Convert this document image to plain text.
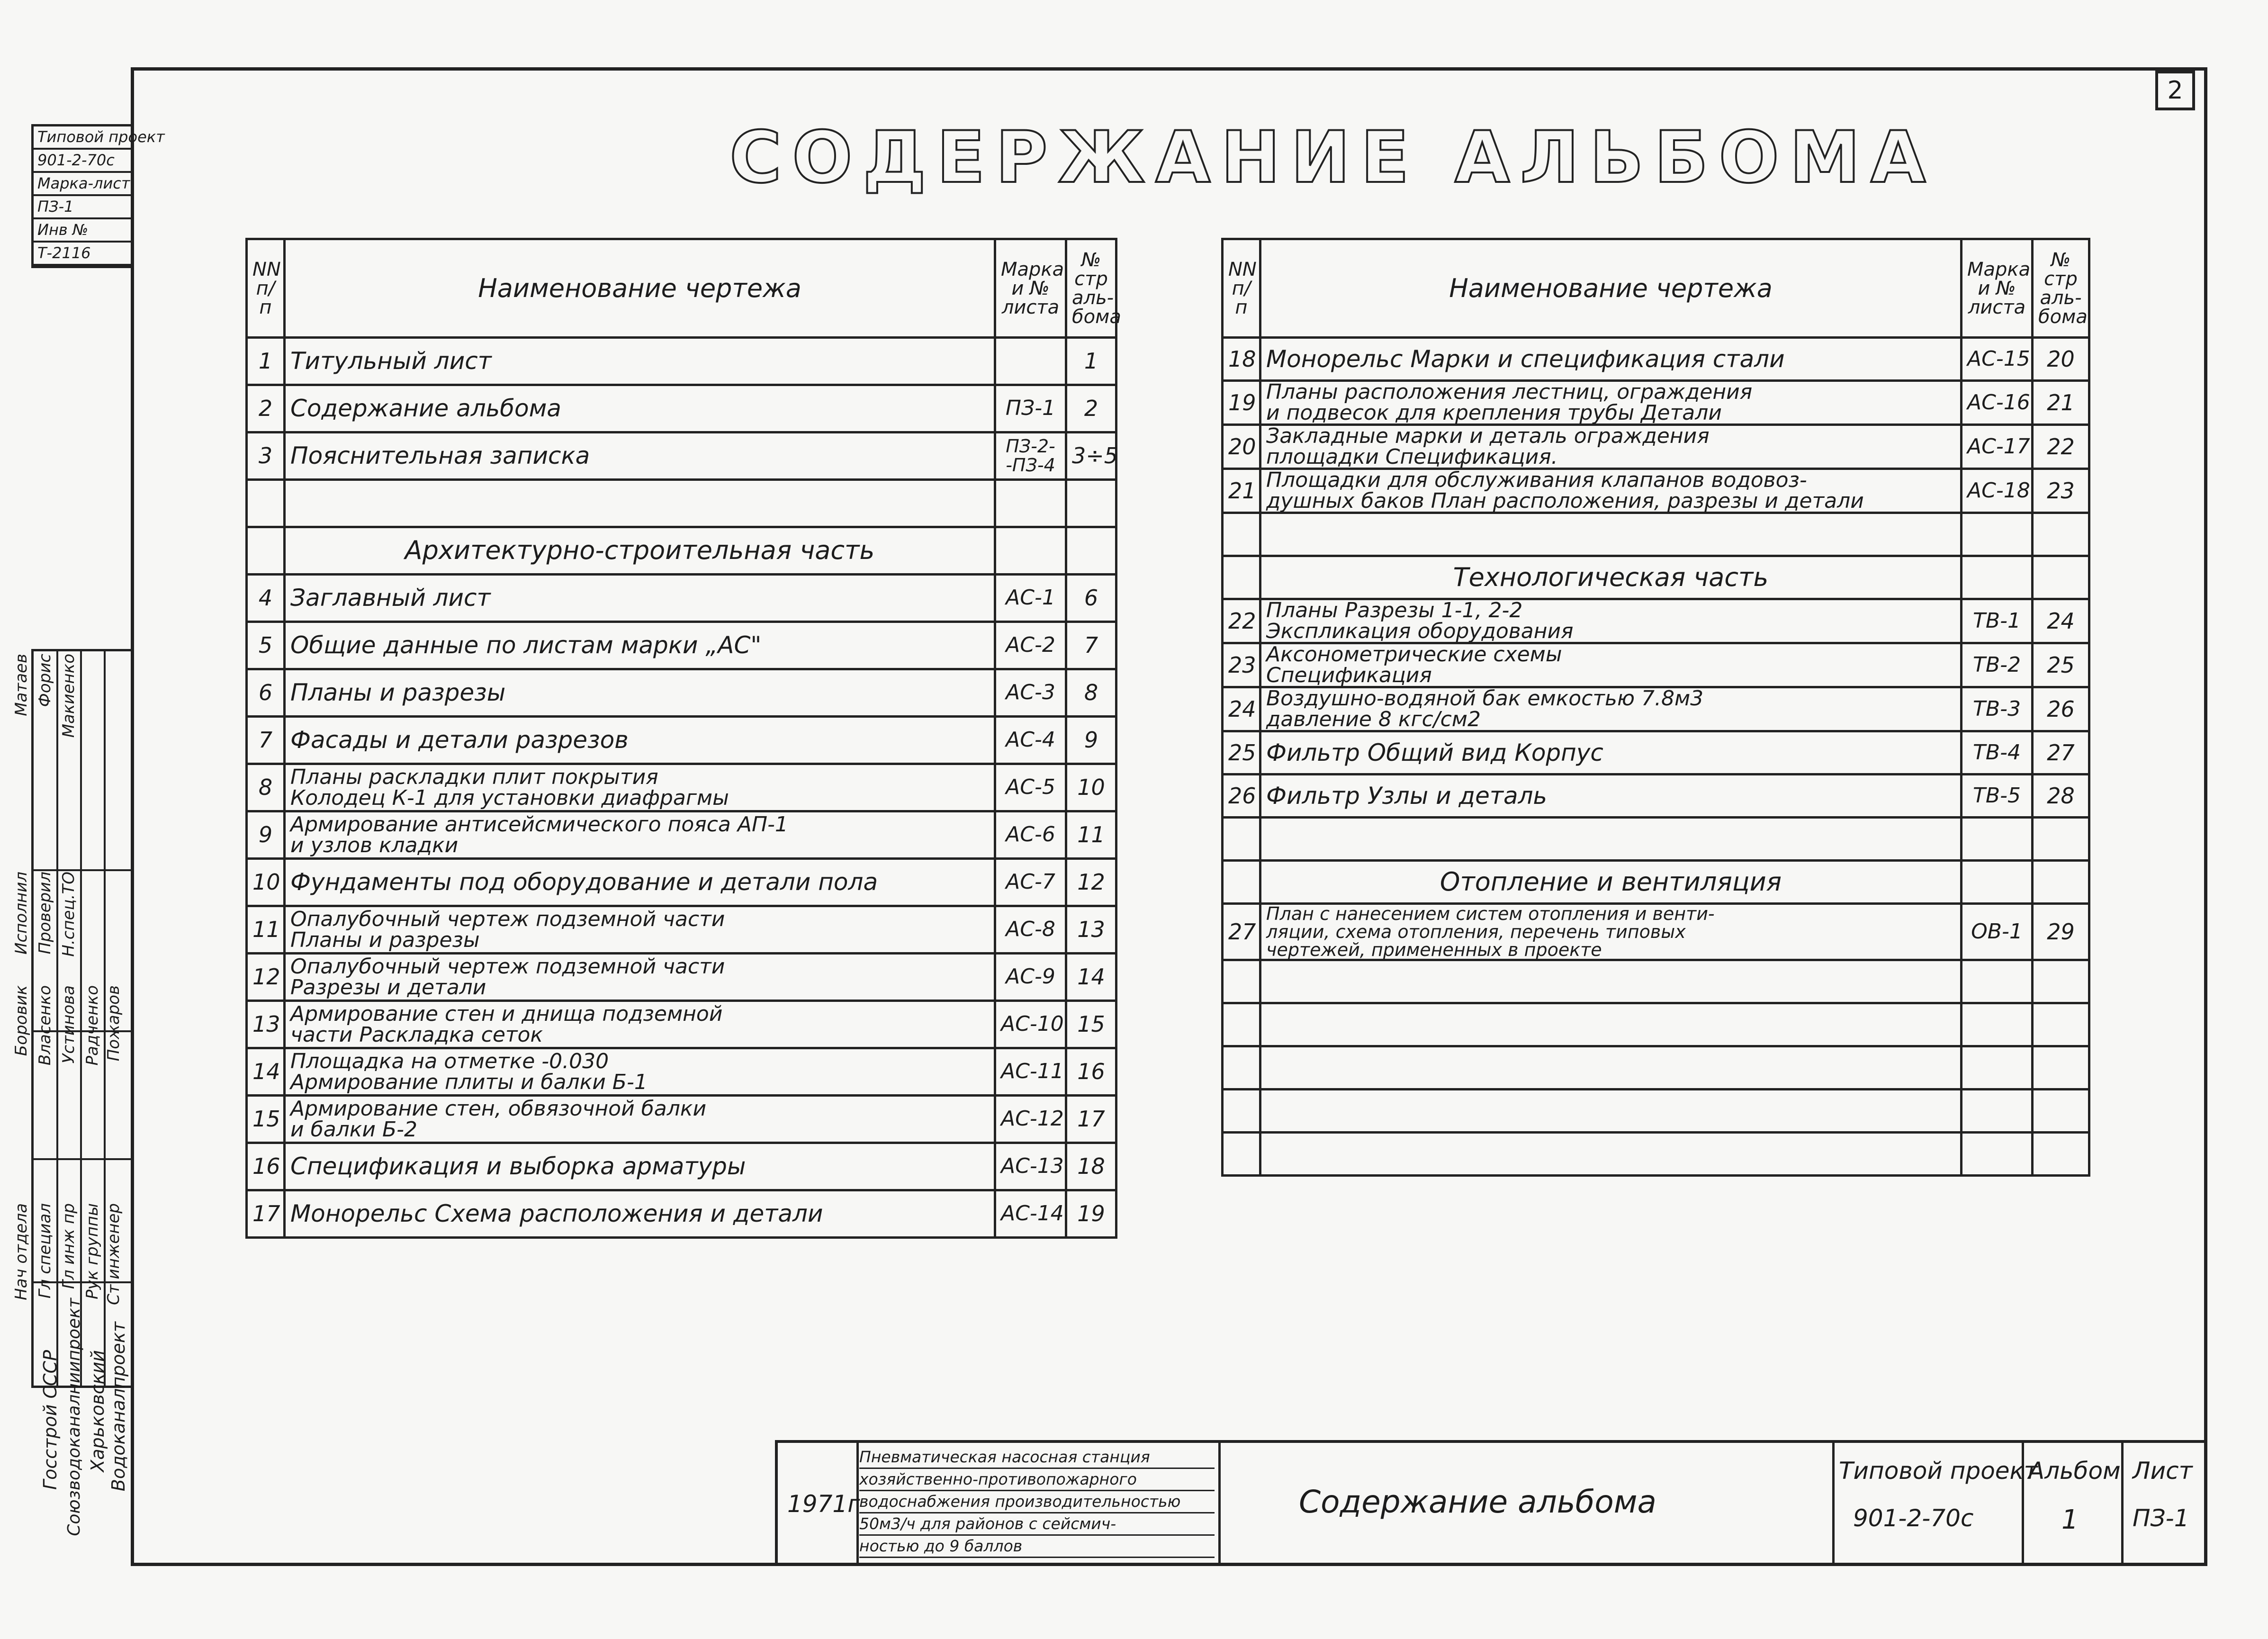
2
СОДЕРЖАНИЕ АЛЬБОМА
Типовой проект
901-2-70с
Марка-лист
ПЗ-1
Инв №
Т-2116
Нач отдела Гл специал Гл инж пр Рук группы Ст инженер
Боровик Власенко Устинова Радченко Пожаров
Исполнил Проверил Н.спец.ТО
Матаев Форис Макиенко
Госстрой СССР Союзводоканалниипроект Харьковский Водоканалпроект
NN п/п	Наименование чертежа	Марка и № листа	№ стр аль-бома
1	Титульный лист		1
2	Содержание альбома	ПЗ-1	2
3	Пояснительная записка	ПЗ-2- -ПЗ-4	3÷5

	Архитектурно-строительная часть		
4	Заглавный лист	АС-1	6
5	Общие данные по листам марки „АС"	АС-2	7
6	Планы и разрезы	АС-3	8
7	Фасады и детали разрезов	АС-4	9
8	Планы раскладки плит покрытия
Колодец К-1 для установки диафрагмы	АС-5	10
9	Армирование антисейсмического пояса АП-1
и узлов кладки	АС-6	11
10	Фундаменты под оборудование и детали пола	АС-7	12
11	Опалубочный чертеж подземной части
Планы и разрезы	АС-8	13
12	Опалубочный чертеж подземной части
Разрезы и детали	АС-9	14
13	Армирование стен и днища подземной
части Раскладка сеток	АС-10	15
14	Площадка на отметке -0.030
Армирование плиты и балки Б-1	АС-11	16
15	Армирование стен, обвязочной балки
и балки Б-2	АС-12	17
16	Спецификация и выборка арматуры	АС-13	18
17	Монорельс Схема расположения и детали	АС-14	19
NN п/п	Наименование чертежа	Марка и № листа	№ стр аль-бома
18	Монорельс Марки и спецификация стали	АС-15	20
19	Планы расположения лестниц, ограждения
и подвесок для крепления трубы Детали	АС-16	21
20	Закладные марки и деталь ограждения
площадки Спецификация.	АС-17	22
21	Площадки для обслуживания клапанов водовоз-
душных баков План расположения, разрезы и детали	АС-18	23

	Технологическая часть		
22	Планы Разрезы 1-1, 2-2
Экспликация оборудования	ТВ-1	24
23	Аксонометрические схемы
Спецификация	ТВ-2	25
24	Воздушно-водяной бак емкостью 7.8м3
давление 8 кгс/см2	ТВ-3	26
25	Фильтр Общий вид Корпус	ТВ-4	27
26	Фильтр Узлы и деталь	ТВ-5	28

	Отопление и вентиляция		
27	План с нанесением систем отопления и венти-
ляции, схема отопления, перечень типовых
чертежей, примененных в проекте	ОВ-1	29

1971г
Пневматическая насосная станция
хозяйственно-противопожарного
водоснабжения производительностью
50м3/ч для районов с сейсмич-
ностью до 9 баллов
Содержание альбома
Типовой проект
901-2-70с
Альбом
1
Лист
ПЗ-1
